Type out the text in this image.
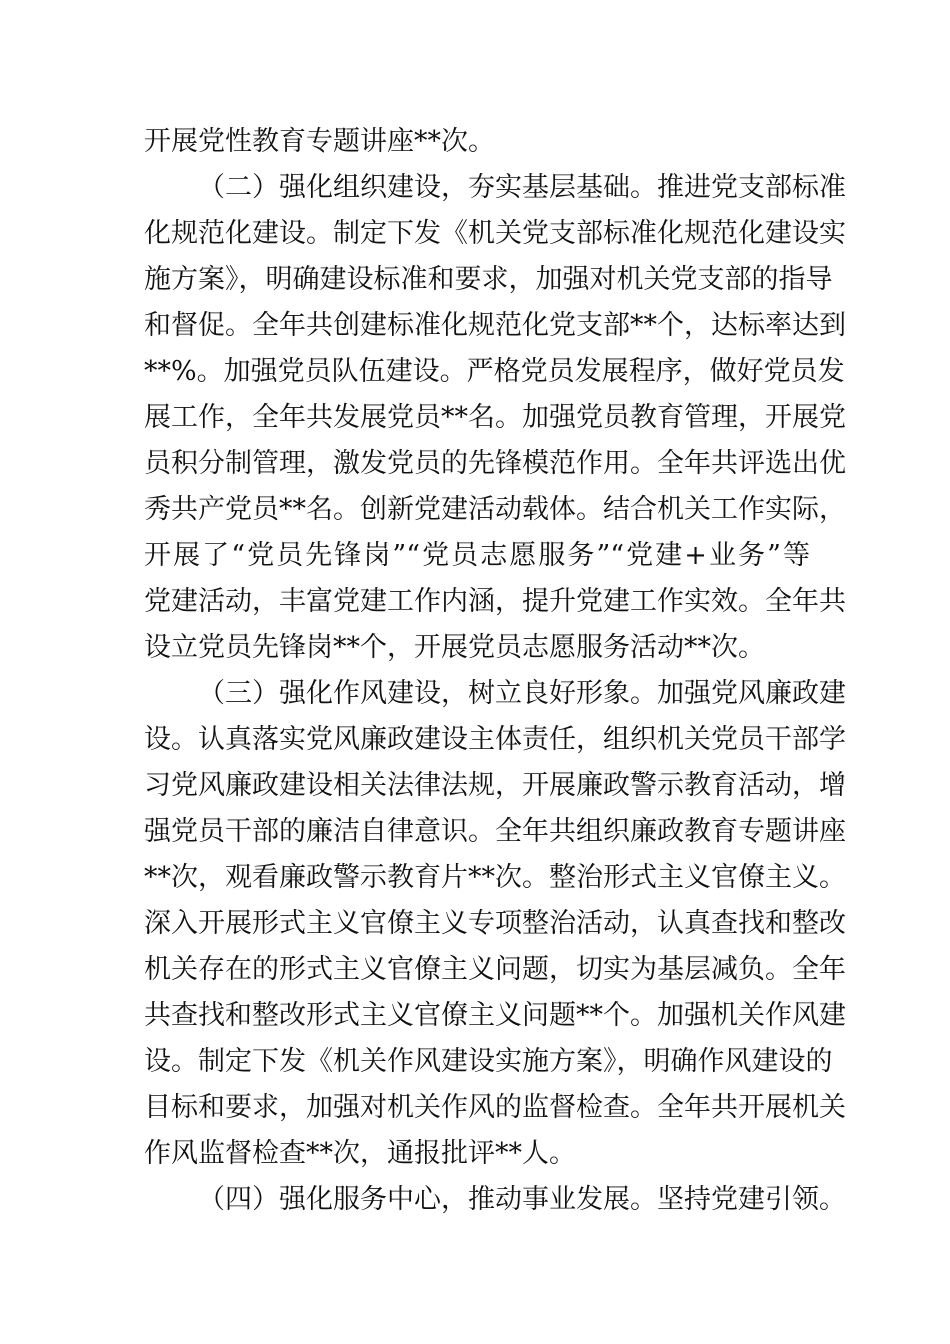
开展党性教育专题讲座**次。
（二）强化组织建设，夯实基层基础。推进党支部标准
化规范化建设。制定下发《机关党支部标准化规范化建设实
施方案》，明确建设标准和要求，加强对机关党支部的指导
和督促。全年共创建标准化规范化党支部**个，达标率达到
**%。加强党员队伍建设。严格党员发展程序，做好党员发
展工作，全年共发展党员**名。加强党员教育管理，开展党
员积分制管理，激发党员的先锋模范作用。全年共评选出优
秀共产党员**名。创新党建活动载体。结合机关工作实际，
开展了“党员先锋岗”“党员志愿服务”“党建+业务”等
党建活动，丰富党建工作内涵，提升党建工作实效。全年共
设立党员先锋岗**个，开展党员志愿服务活动**次。
（三）强化作风建设，树立良好形象。加强党风廉政建
设。认真落实党风廉政建设主体责任，组织机关党员干部学
习党风廉政建设相关法律法规，开展廉政警示教育活动，增
强党员干部的廉洁自律意识。全年共组织廉政教育专题讲座
**次，观看廉政警示教育片**次。整治形式主义官僚主义。
深入开展形式主义官僚主义专项整治活动，认真查找和整改
机关存在的形式主义官僚主义问题，切实为基层减负。全年
共查找和整改形式主义官僚主义问题**个。加强机关作风建
设。制定下发《机关作风建设实施方案》，明确作风建设的
目标和要求，加强对机关作风的监督检查。全年共开展机关
作风监督检查**次，通报批评**人。
（四）强化服务中心，推动事业发展。坚持党建引领。
